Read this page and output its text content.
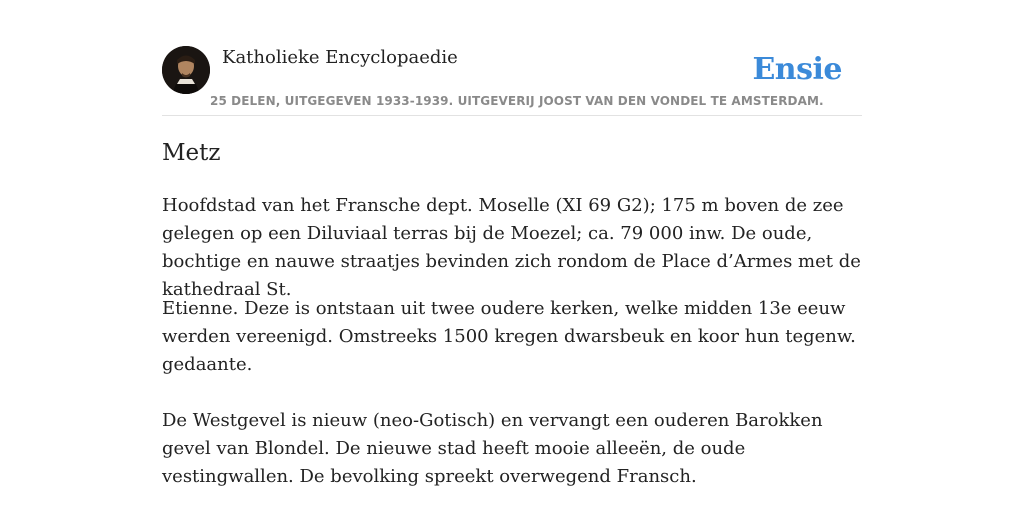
Katholieke Encyclopaedie	Ensie
25 DELEN, UITGEGEVEN 1933-1939. UITGEVERIJ JOOST VAN DEN VONDEL TE AMSTERDAM.
Metz

Hoofdstad van het Fransche dept. Moselle (XI 69 G2); 175 m boven de zee gelegen op een Diluviaal terras bij de Moezel; ca. 79 000 inw. De oude, bochtige en nauwe straatjes bevinden zich rondom de Place d’Armes met de kathedraal St.

Etienne. Deze is ontstaan uit twee oudere kerken, welke midden 13e eeuw werden vereenigd. Omstreeks 1500 kregen dwarsbeuk en koor hun tegenw. gedaante.

De Westgevel is nieuw (neo-Gotisch) en vervangt een ouderen Barokken gevel van Blondel. De nieuwe stad heeft mooie alleeën, de oude vestingwallen. De bevolking spreekt overwegend Fransch.
